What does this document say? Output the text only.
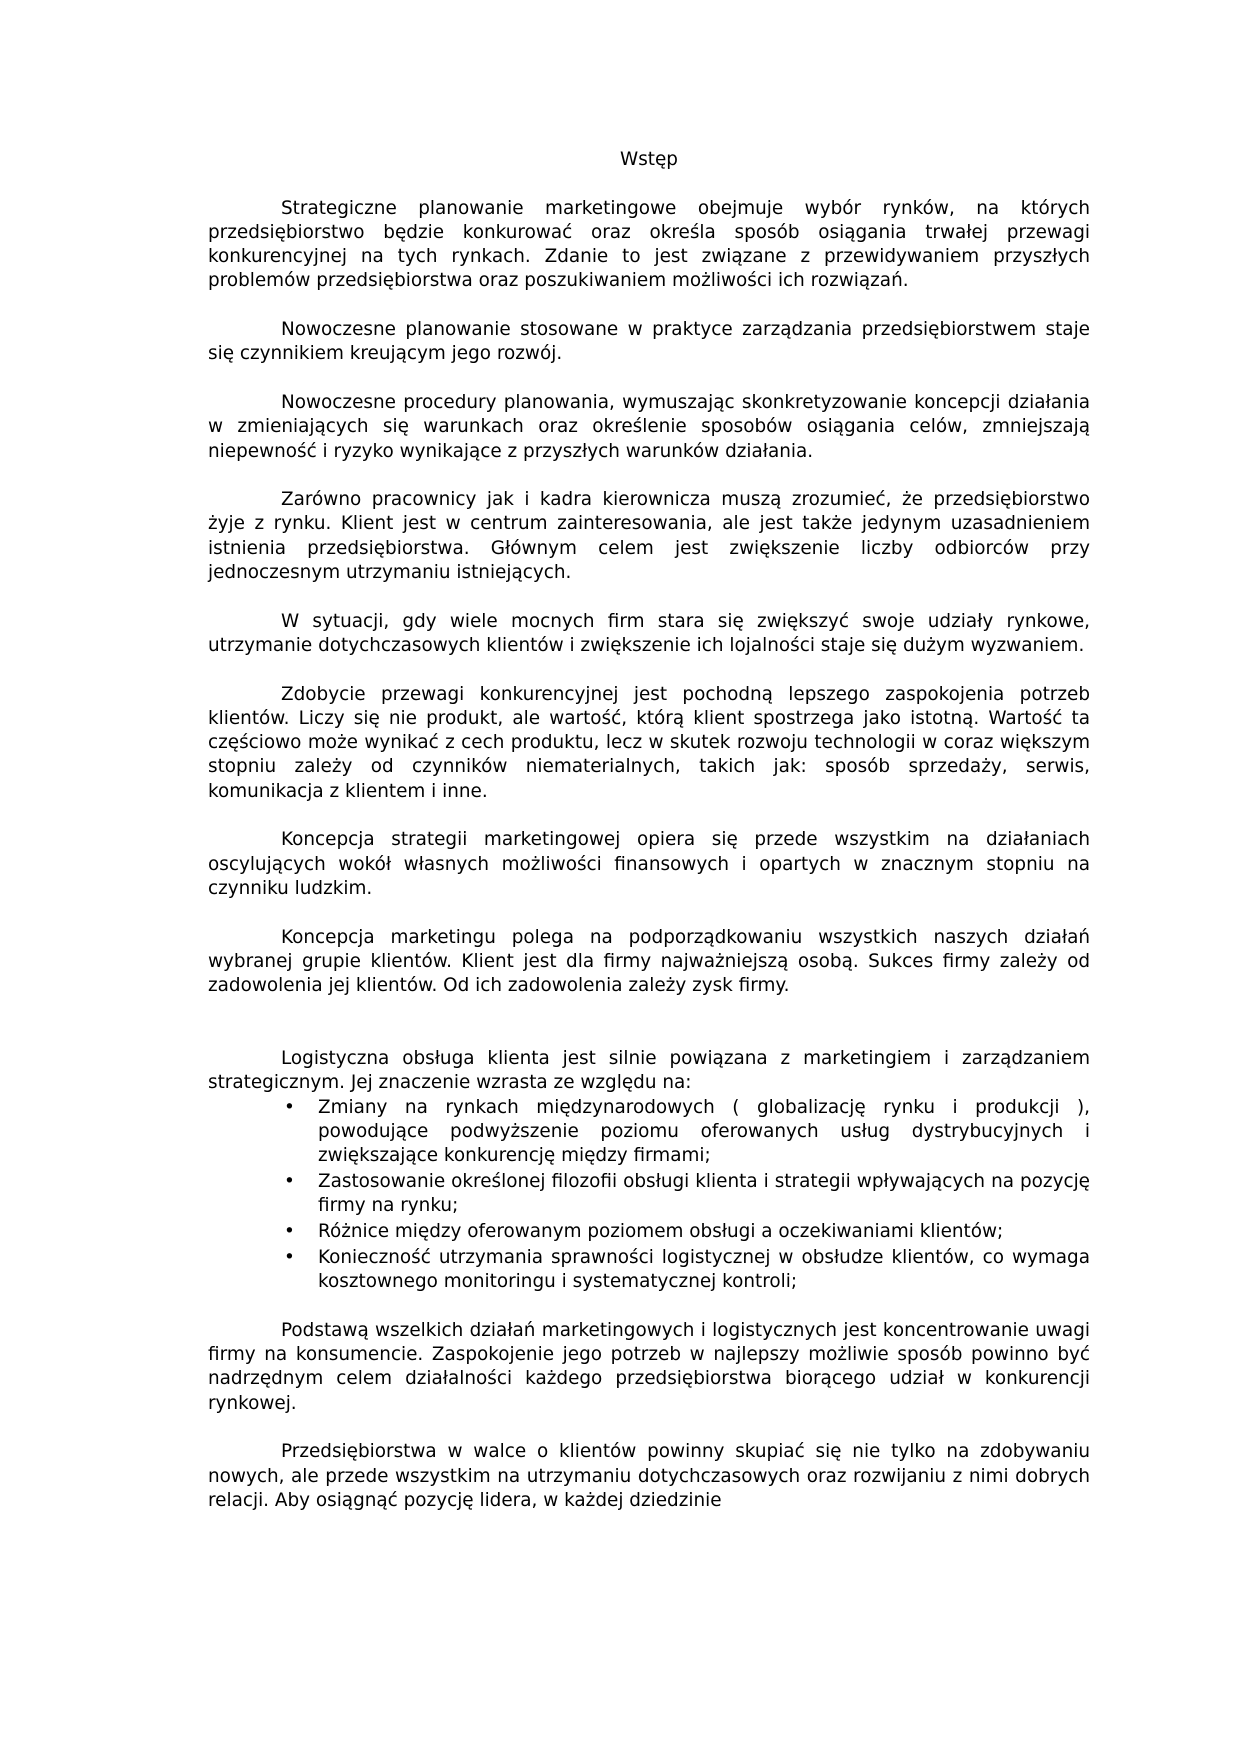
Wstęp

Strategiczne planowanie marketingowe obejmuje wybór rynków, na których przedsiębiorstwo będzie konkurować oraz określa sposób osiągania trwałej przewagi konkurencyjnej na tych rynkach. Zdanie to jest związane z przewidywaniem przyszłych problemów przedsiębiorstwa oraz poszukiwaniem możliwości ich rozwiązań.

Nowoczesne planowanie stosowane w praktyce zarządzania przedsiębiorstwem staje się czynnikiem kreującym jego rozwój.

Nowoczesne procedury planowania, wymuszając skonkretyzowanie koncepcji działania w zmieniających się warunkach oraz określenie sposobów osiągania celów, zmniejszają niepewność i ryzyko wynikające z przyszłych warunków działania.

Zarówno pracownicy jak i kadra kierownicza muszą zrozumieć, że przedsiębiorstwo żyje z rynku. Klient jest w centrum zainteresowania, ale jest także jedynym uzasadnieniem istnienia przedsiębiorstwa. Głównym celem jest zwiększenie liczby odbiorców przy jednoczesnym utrzymaniu istniejących.

W sytuacji, gdy wiele mocnych firm stara się zwiększyć swoje udziały rynkowe, utrzymanie dotychczasowych klientów i zwiększenie ich lojalności staje się dużym wyzwaniem.

Zdobycie przewagi konkurencyjnej jest pochodną lepszego zaspokojenia potrzeb klientów. Liczy się nie produkt, ale wartość, którą klient spostrzega jako istotną. Wartość ta częściowo może wynikać z cech produktu, lecz w skutek rozwoju technologii w coraz większym stopniu zależy od czynników niematerialnych, takich jak: sposób sprzedaży, serwis, komunikacja z klientem i inne.

Koncepcja strategii marketingowej opiera się przede wszystkim na działaniach oscylujących wokół własnych możliwości finansowych i opartych w znacznym stopniu na czynniku ludzkim.

Koncepcja marketingu polega na podporządkowaniu wszystkich naszych działań wybranej grupie klientów. Klient jest dla firmy najważniejszą osobą. Sukces firmy zależy od zadowolenia jej klientów. Od ich zadowolenia zależy zysk firmy.

Logistyczna obsługa klienta jest silnie powiązana z marketingiem i zarządzaniem strategicznym. Jej znaczenie wzrasta ze względu na:

• Zmiany na rynkach międzynarodowych ( globalizację rynku i produkcji ), powodujące podwyższenie poziomu oferowanych usług dystrybucyjnych i zwiększające konkurencję między firmami;
• Zastosowanie określonej filozofii obsługi klienta i strategii wpływających na pozycję firmy na rynku;
• Różnice między oferowanym poziomem obsługi a oczekiwaniami klientów;
• Konieczność utrzymania sprawności logistycznej w obsłudze klientów, co wymaga kosztownego monitoringu i systematycznej kontroli;

Podstawą wszelkich działań marketingowych i logistycznych jest koncentrowanie uwagi firmy na konsumencie. Zaspokojenie jego potrzeb w najlepszy możliwie sposób powinno być nadrzędnym celem działalności każdego przedsiębiorstwa biorącego udział w konkurencji rynkowej.

Przedsiębiorstwa w walce o klientów powinny skupiać się nie tylko na zdobywaniu nowych, ale przede wszystkim na utrzymaniu dotychczasowych oraz rozwijaniu z nimi dobrych relacji. Aby osiągnąć pozycję lidera, w każdej dziedzinie
